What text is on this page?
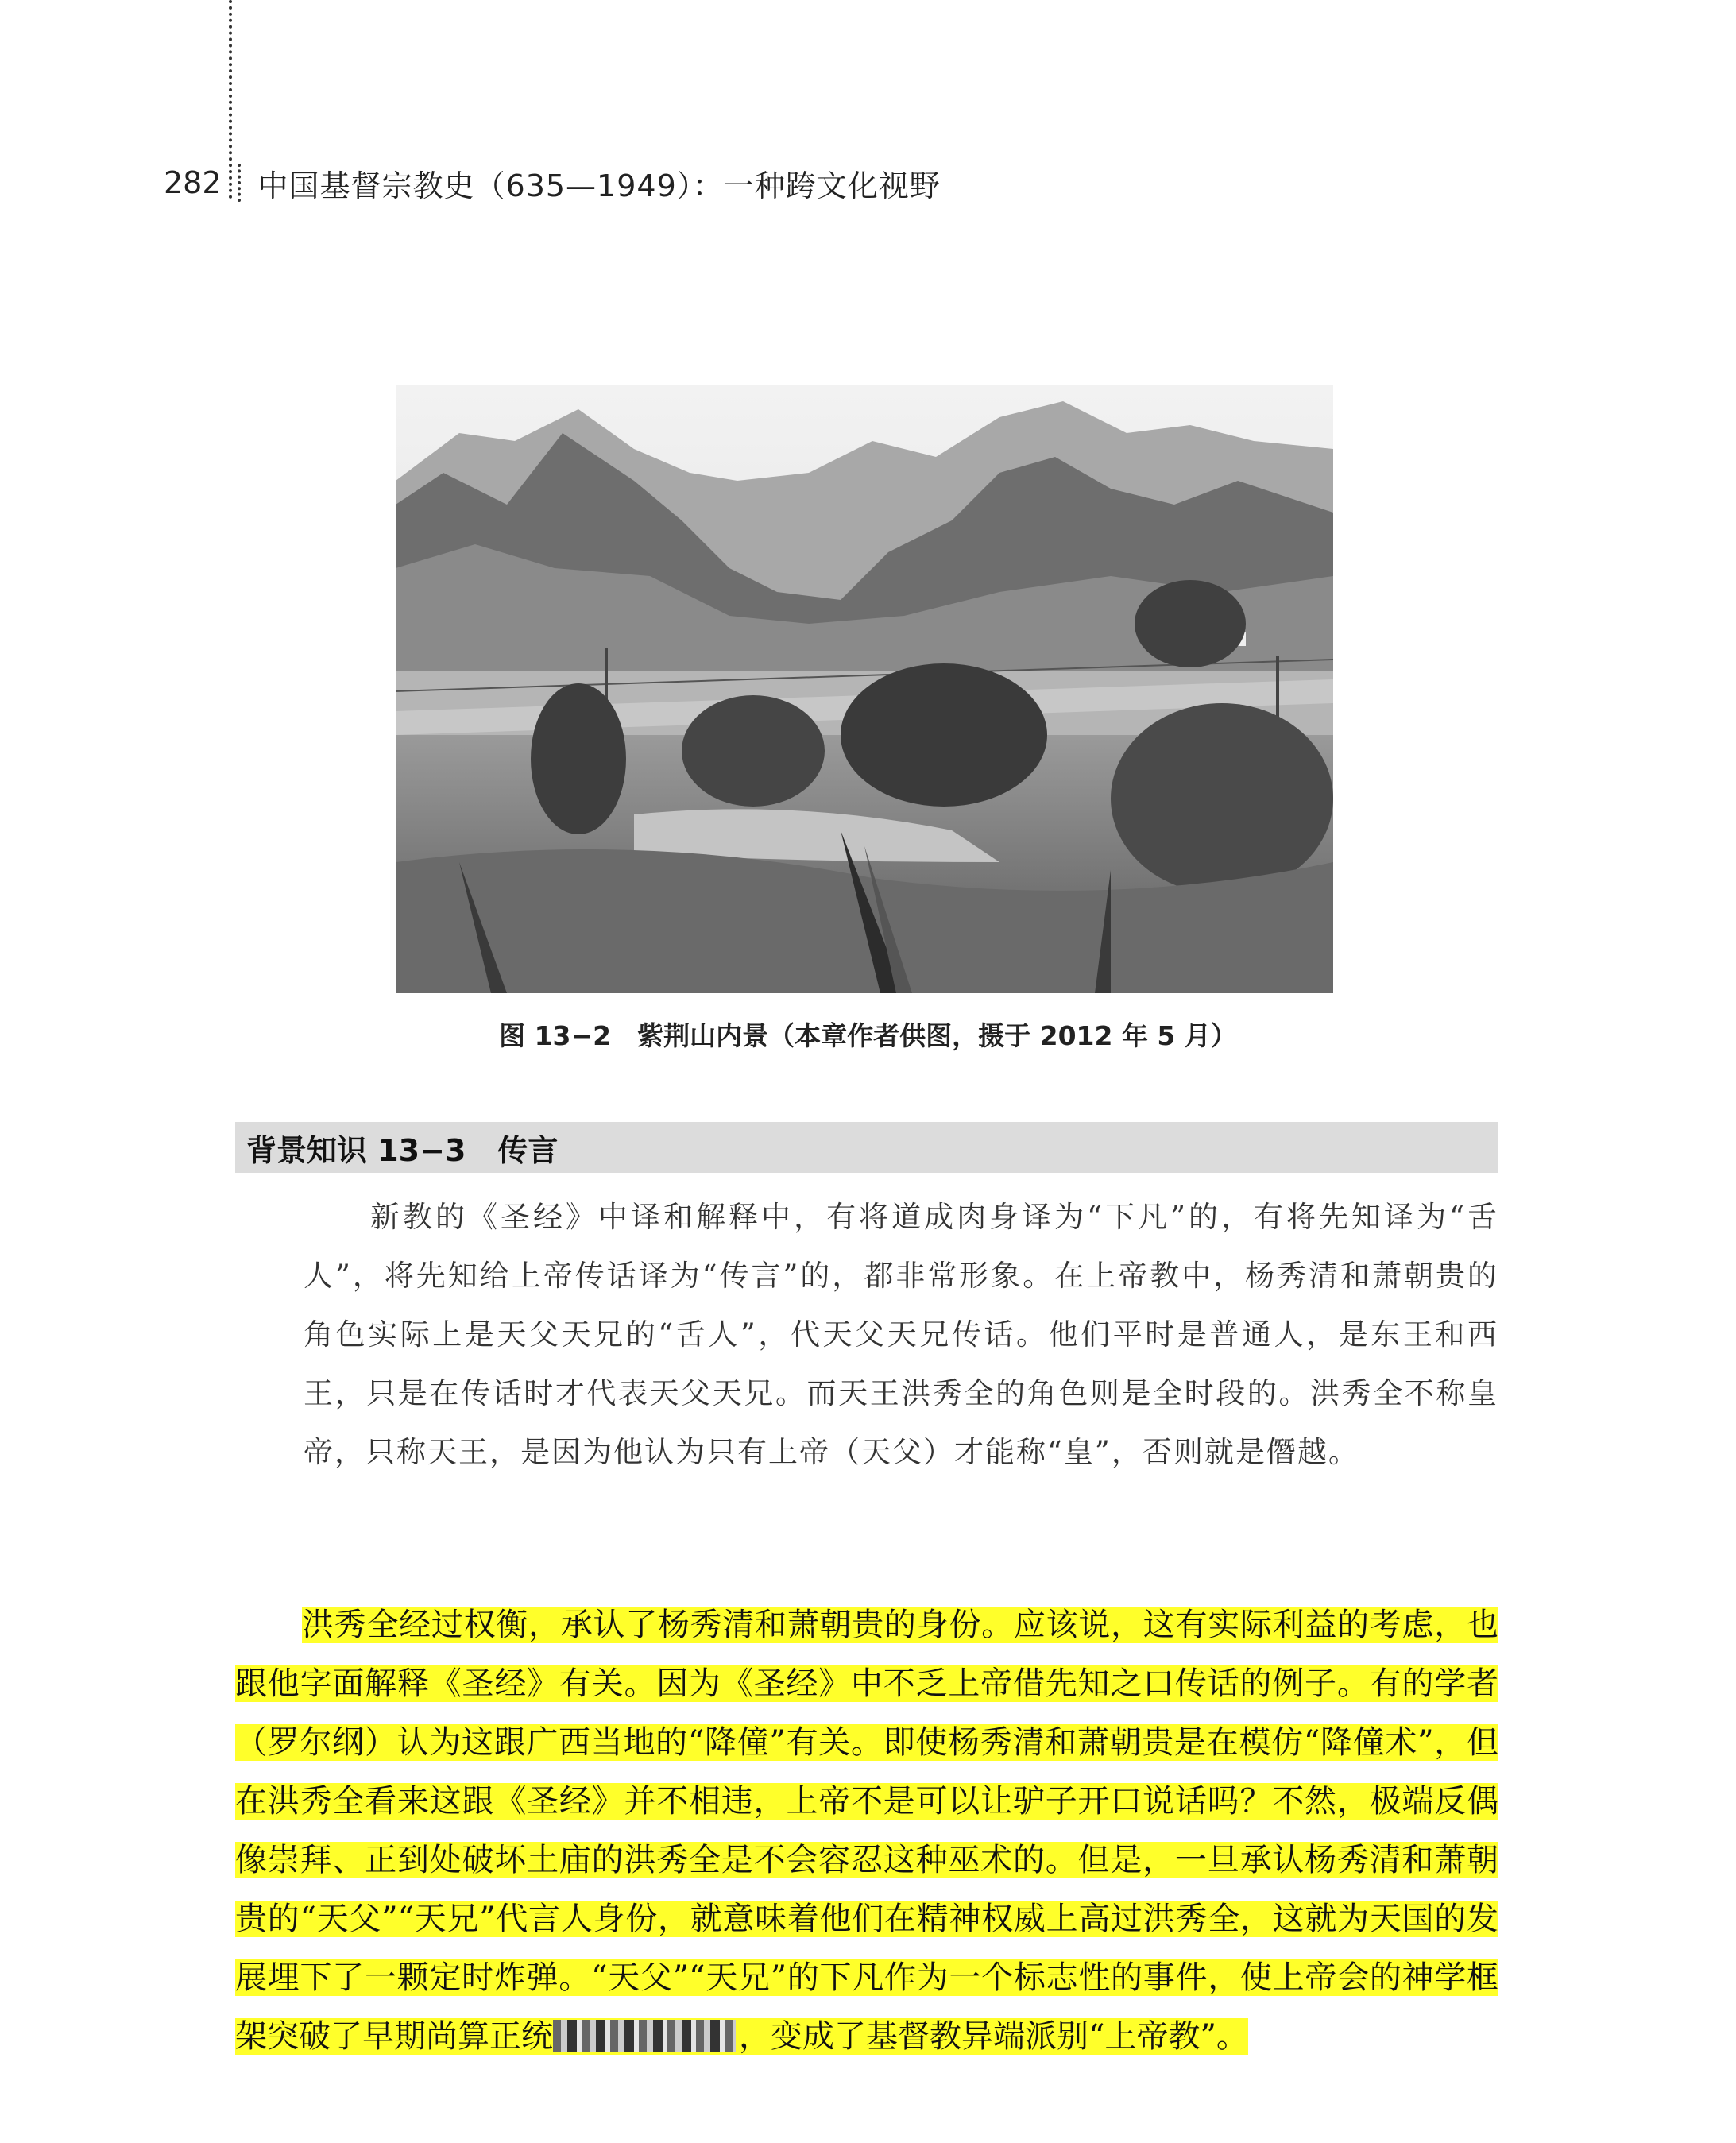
282 中国基督宗教史（635—1949）：一种跨文化视野
图 13−2　紫荆山内景（本章作者供图，摄于 2012 年 5 月）
背景知识 13−3 传言

新教的《圣经》中译和解释中，有将道成肉身译为“下凡”的，有将先知译为“舌人”，将先知给上帝传话译为“传言”的，都非常形象。在上帝教中，杨秀清和萧朝贵的角色实际上是天父天兄的“舌人”，代天父天兄传话。他们平时是普通人，是东王和西王，只是在传话时才代表天父天兄。而天王洪秀全的角色则是全时段的。洪秀全不称皇帝，只称天王，是因为他认为只有上帝（天父）才能称“皇”，否则就是僭越。

洪秀全经过权衡，承认了杨秀清和萧朝贵的身份。应该说，这有实际利益的考虑，也跟他字面解释《圣经》有关。因为《圣经》中不乏上帝借先知之口传话的例子。有的学者（罗尔纲）认为这跟广西当地的“降僮”有关。即使杨秀清和萧朝贵是在模仿“降僮术”，但在洪秀全看来这跟《圣经》并不相违，上帝不是可以让驴子开口说话吗？不然，极端反偶像崇拜、正到处破坏土庙的洪秀全是不会容忍这种巫术的。但是，一旦承认杨秀清和萧朝贵的“天父”“天兄”代言人身份，就意味着他们在精神权威上高过洪秀全，这就为天国的发展埋下了一颗定时炸弹。“天父”“天兄”的下凡作为一个标志性的事件，使上帝会的神学框架突破了早期尚算正统	，变成了基督教异端派别“上帝教”。
